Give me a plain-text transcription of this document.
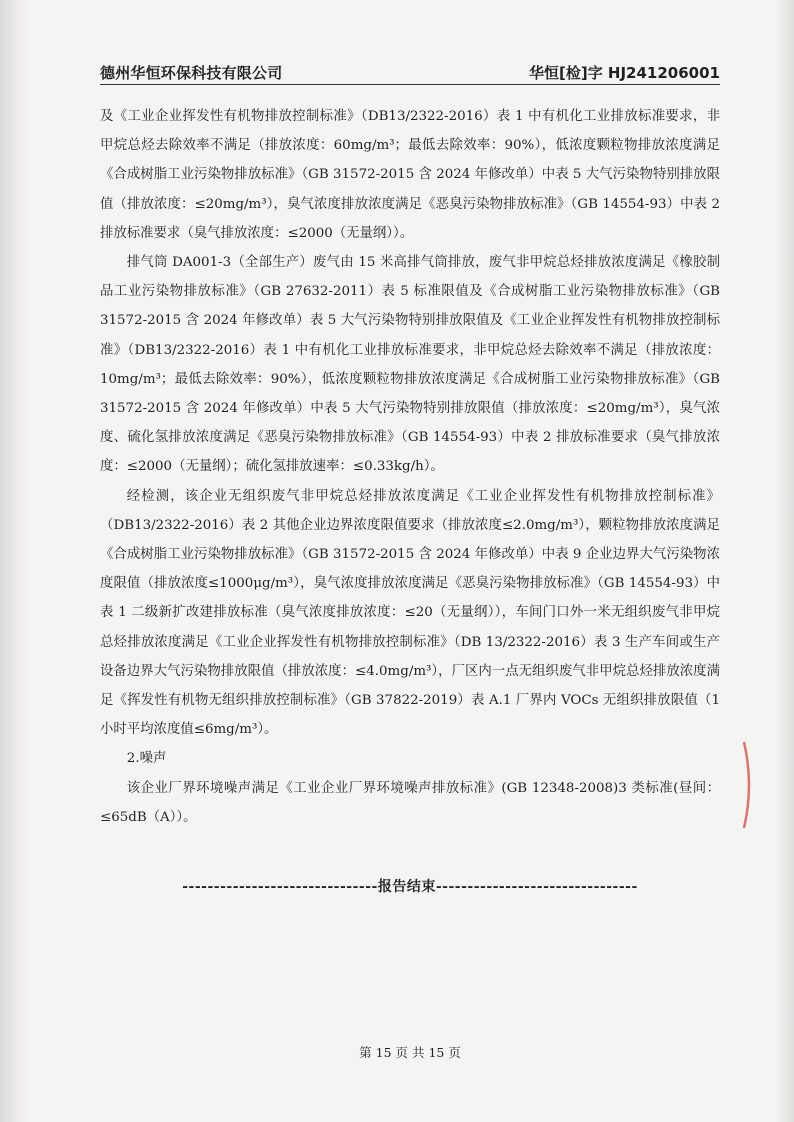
德州华恒环保科技有限公司	华恒[检]字 HJ241206001

及《工业企业挥发性有机物排放控制标准》（DB13/2322-2016）表 1 中有机化工业排放标准要求，非甲烷总烃去除效率不满足（排放浓度：60mg/m³；最低去除效率：90%），低浓度颗粒物排放浓度满足《合成树脂工业污染物排放标准》（GB 31572-2015 含 2024 年修改单）中表 5 大气污染物特别排放限值（排放浓度：≤20mg/m³），臭气浓度排放浓度满足《恶臭污染物排放标准》（GB 14554-93）中表 2 排放标准要求（臭气排放浓度：≤2000（无量纲））。

排气筒 DA001-3（全部生产）废气由 15 米高排气筒排放，废气非甲烷总烃排放浓度满足《橡胶制品工业污染物排放标准》（GB 27632-2011）表 5 标准限值及《合成树脂工业污染物排放标准》（GB 31572-2015 含 2024 年修改单）表 5 大气污染物特别排放限值及《工业企业挥发性有机物排放控制标准》（DB13/2322-2016）表 1 中有机化工业排放标准要求，非甲烷总烃去除效率不满足（排放浓度：10mg/m³；最低去除效率：90%），低浓度颗粒物排放浓度满足《合成树脂工业污染物排放标准》（GB 31572-2015 含 2024 年修改单）中表 5 大气污染物特别排放限值（排放浓度：≤20mg/m³），臭气浓度、硫化氢排放浓度满足《恶臭污染物排放标准》（GB 14554-93）中表 2 排放标准要求（臭气排放浓度：≤2000（无量纲）；硫化氢排放速率：≤0.33kg/h）。

经检测，该企业无组织废气非甲烷总烃排放浓度满足《工业企业挥发性有机物排放控制标准》（DB13/2322-2016）表 2 其他企业边界浓度限值要求（排放浓度≤2.0mg/m³），颗粒物排放浓度满足《合成树脂工业污染物排放标准》（GB 31572-2015 含 2024 年修改单）中表 9 企业边界大气污染物浓度限值（排放浓度≤1000μg/m³），臭气浓度排放浓度满足《恶臭污染物排放标准》（GB 14554-93）中表 1 二级新扩改建排放标准（臭气浓度排放浓度：≤20（无量纲）），车间门口外一米无组织废气非甲烷总烃排放浓度满足《工业企业挥发性有机物排放控制标准》（DB 13/2322-2016）表 3 生产车间或生产设备边界大气污染物排放限值（排放浓度：≤4.0mg/m³），厂区内一点无组织废气非甲烷总烃排放浓度满足《挥发性有机物无组织排放控制标准》（GB 37822-2019）表 A.1 厂界内 VOCs 无组织排放限值（1 小时平均浓度值≤6mg/m³）。

2.噪声

该企业厂界环境噪声满足《工业企业厂界环境噪声排放标准》(GB 12348-2008)3 类标准(昼间：≤65dB（A））。

-------------------------------报告结束--------------------------------
第 15 页 共 15 页
